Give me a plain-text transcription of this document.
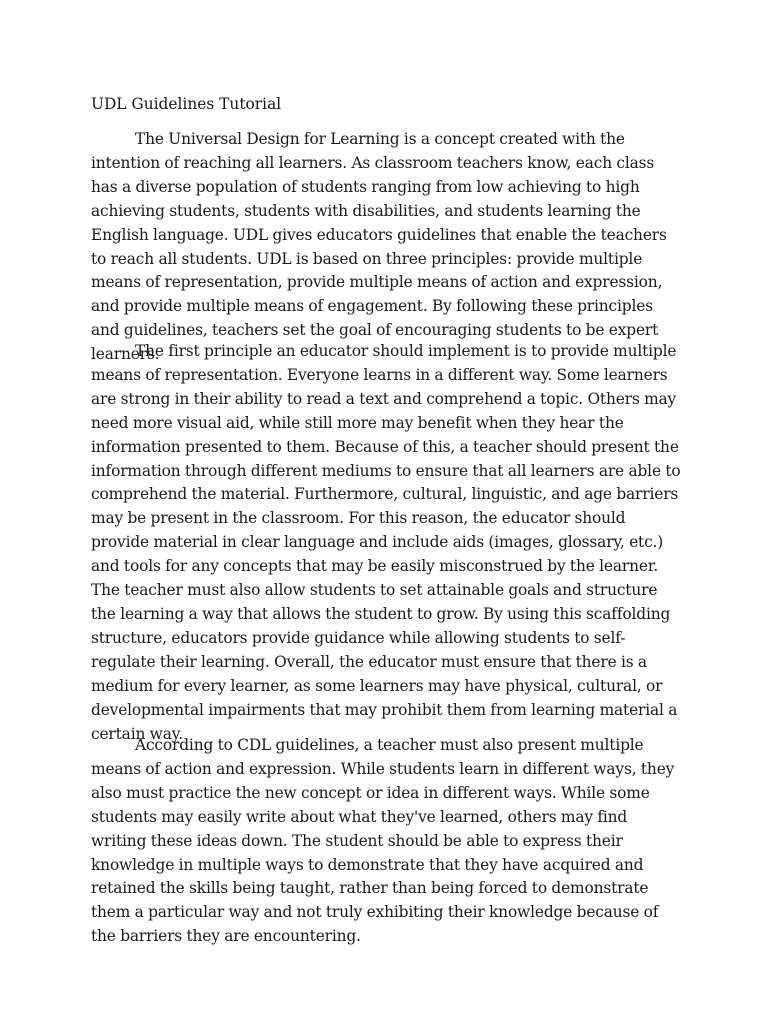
UDL Guidelines Tutorial

The Universal Design for Learning is a concept created with the intention of reaching all learners. As classroom teachers know, each class has a diverse population of students ranging from low achieving to high achieving students, students with disabilities, and students learning the English language. UDL gives educators guidelines that enable the teachers to reach all students. UDL is based on three principles: provide multiple means of representation, provide multiple means of action and expression, and provide multiple means of engagement. By following these principles and guidelines, teachers set the goal of encouraging students to be expert learners.

The first principle an educator should implement is to provide multiple means of representation. Everyone learns in a different way. Some learners are strong in their ability to read a text and comprehend a topic. Others may need more visual aid, while still more may benefit when they hear the information presented to them. Because of this, a teacher should present the information through different mediums to ensure that all learners are able to comprehend the material. Furthermore, cultural, linguistic, and age barriers may be present in the classroom. For this reason, the educator should provide material in clear language and include aids (images, glossary, etc.) and tools for any concepts that may be easily misconstrued by the learner. The teacher must also allow students to set attainable goals and structure the learning a way that allows the student to grow. By using this scaffolding structure, educators provide guidance while allowing students to self-regulate their learning. Overall, the educator must ensure that there is a medium for every learner, as some learners may have physical, cultural, or developmental impairments that may prohibit them from learning material a certain way.

According to CDL guidelines, a teacher must also present multiple means of action and expression. While students learn in different ways, they also must practice the new concept or idea in different ways. While some students may easily write about what they've learned, others may find writing these ideas down. The student should be able to express their knowledge in multiple ways to demonstrate that they have acquired and retained the skills being taught, rather than being forced to demonstrate them a particular way and not truly exhibiting their knowledge because of the barriers they are encountering.
